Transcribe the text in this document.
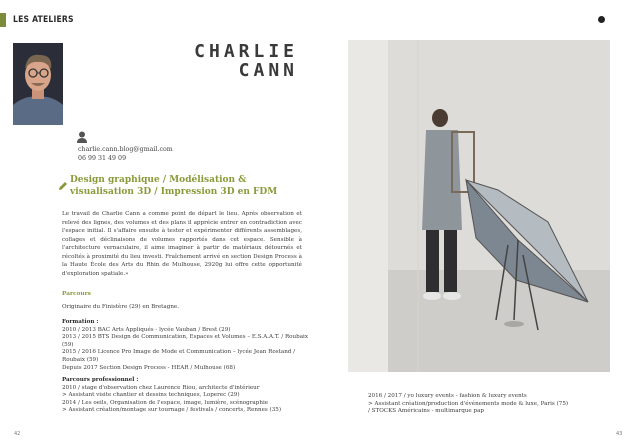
LES ATELIERS
CHARLIE
CANN
charlie.cann.blog@gmail.com
06 99 31 49 09
Design graphique / Modélisation & visualisation 3D / Impression 3D en FDM
Le travail de Charlie Cann a comme point de départ le lieu. Après observation et relevé des lignes, des volumes et des plans il apprécie entrer en contradiction avec l'espace initial. Il s'affaire ensuite à tester et expérimenter différents assemblages, collages et déclinaisons de volumes rapportés dans cet espace. Sensible à l'architecture vernaculaire, il aime imaginer à partir de matériaux détournés et récoltés à proximité du lieu investi. Fraîchement arrivé en section Design Process à la Haute École des Arts du Rhin de Mulhouse, 2920g lui offre cette opportunité d'exploration spatiale.»
Parcours
Originaire du Finistère (29) en Bretagne.
Formation :
2010 / 2013 BAC Arts Appliqués - lycée Vauban / Brest (29)
2013 / 2015 BTS Design de Communication, Espaces et Volumes – E.S.A.A.T. / Roubaix (59)
2015 / 2016 Licence Pro Image de Mode et Communication – lycée Jean Rostand / Roubaix (59)
Depuis 2017 Section Design Process - HEAR / Mulhouse (68)
Parcours professionnel :
2010 / stage d'observation chez Laurence Riou, architecte d'intérieur
> Assistant visite chantier et dessins techniques, Loperec (29)
2014 / Les oeils, Organisation de l'espace, image, lumière, scénographie
> Assistant création/montage sur tournage / festivals / concerts, Rennes (35)
2016 / 2017 / yo luxury events - fashion & luxury events
> Assistant création/production d'événements mode & luxe, Paris (75)
/ STOCKS Américains - multimarque pap
42	43
